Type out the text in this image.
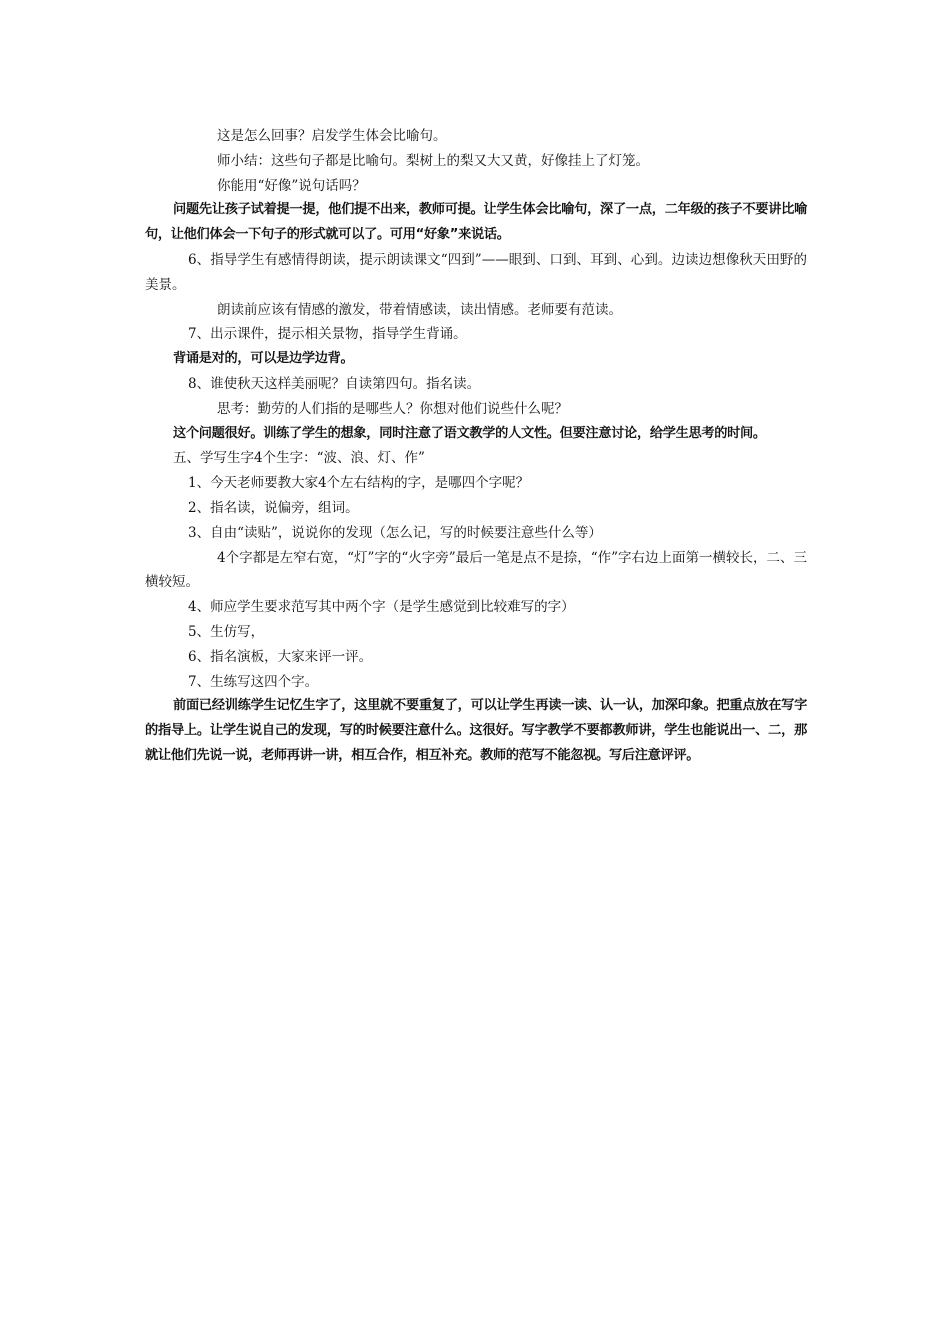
这是怎么回事？启发学生体会比喻句。

师小结：这些句子都是比喻句。梨树上的梨又大又黄，好像挂上了灯笼。

你能用“好像”说句话吗？

问题先让孩子试着提一提，他们提不出来，教师可提。让学生体会比喻句，深了一点，二年级的孩子不要讲比喻句，让他们体会一下句子的形式就可以了。可用“好象”来说话。

6、指导学生有感情得朗读，提示朗读课文“四到”——眼到、口到、耳到、心到。边读边想像秋天田野的美景。

朗读前应该有情感的激发，带着情感读，读出情感。老师要有范读。

7、出示课件，提示相关景物，指导学生背诵。

背诵是对的，可以是边学边背。

8、谁使秋天这样美丽呢？自读第四句。指名读。

思考：勤劳的人们指的是哪些人？你想对他们说些什么呢？

这个问题很好。训练了学生的想象，同时注意了语文教学的人文性。但要注意讨论，给学生思考的时间。

五、学写生字4个生字：“波、浪、灯、作”

1、今天老师要教大家4个左右结构的字，是哪四个字呢？

2、指名读，说偏旁，组词。

3、自由“读贴”，说说你的发现（怎么记，写的时候要注意些什么等）

4个字都是左窄右宽，“灯”字的“火字旁”最后一笔是点不是捺，“作”字右边上面第一横较长，二、三横较短。

4、师应学生要求范写其中两个字（是学生感觉到比较难写的字）

5、生仿写，

6、指名演板，大家来评一评。

7、生练写这四个字。

前面已经训练学生记忆生字了，这里就不要重复了，可以让学生再读一读、认一认，加深印象。把重点放在写字的指导上。让学生说自己的发现，写的时候要注意什么。这很好。写字教学不要都教师讲，学生也能说出一、二，那就让他们先说一说，老师再讲一讲，相互合作，相互补充。教师的范写不能忽视。写后注意评评。
